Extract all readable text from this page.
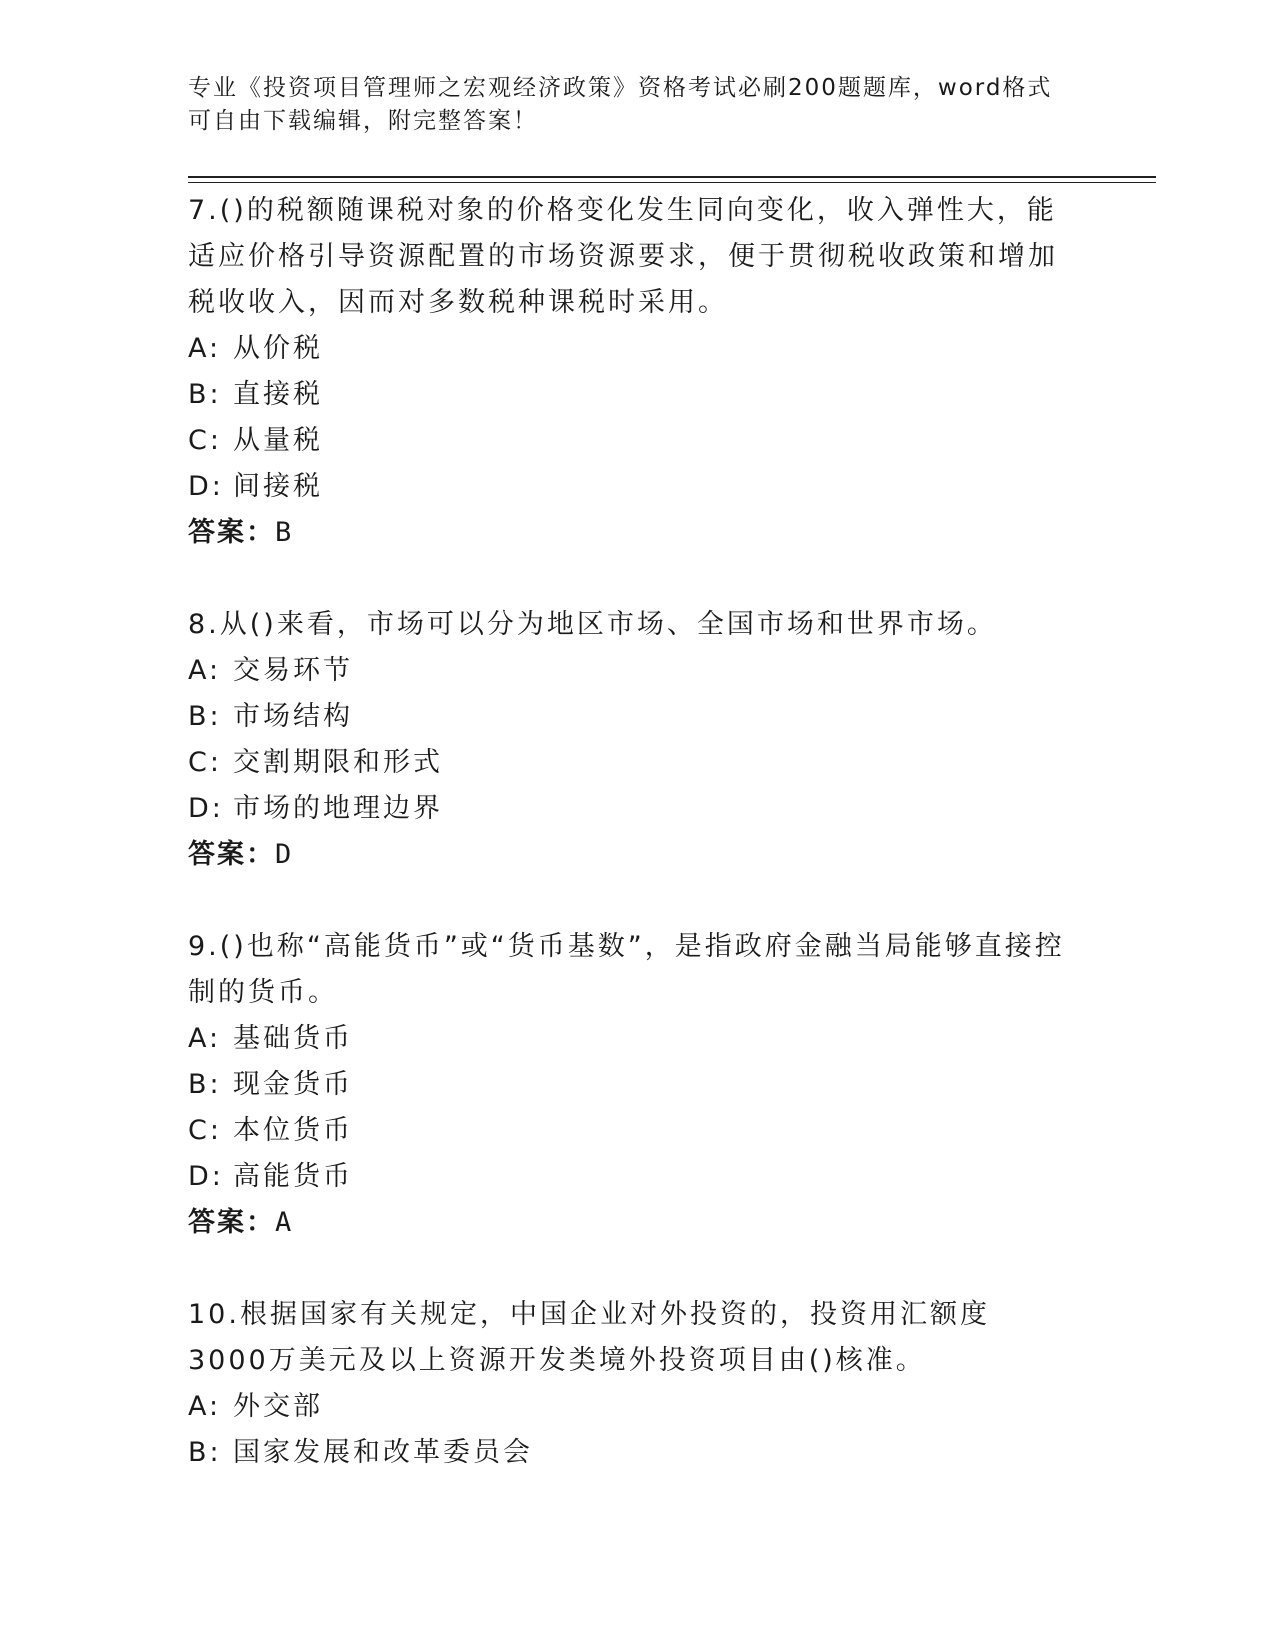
专业《投资项目管理师之宏观经济政策》资格考试必刷200题题库，word格式可自由下载编辑，附完整答案！

7.()的税额随课税对象的价格变化发生同向变化，收入弹性大，能适应价格引导资源配置的市场资源要求，便于贯彻税收政策和增加税收收入，因而对多数税种课税时采用。

A: 从价税

B: 直接税

C: 从量税

D: 间接税

答案：B

8.从()来看，市场可以分为地区市场、全国市场和世界市场。

A: 交易环节

B: 市场结构

C: 交割期限和形式

D: 市场的地理边界

答案：D

9.()也称“高能货币”或“货币基数”，是指政府金融当局能够直接控制的货币。

A: 基础货币

B: 现金货币

C: 本位货币

D: 高能货币

答案：A

10.根据国家有关规定，中国企业对外投资的，投资用汇额度3000万美元及以上资源开发类境外投资项目由()核准。

A: 外交部

B: 国家发展和改革委员会
